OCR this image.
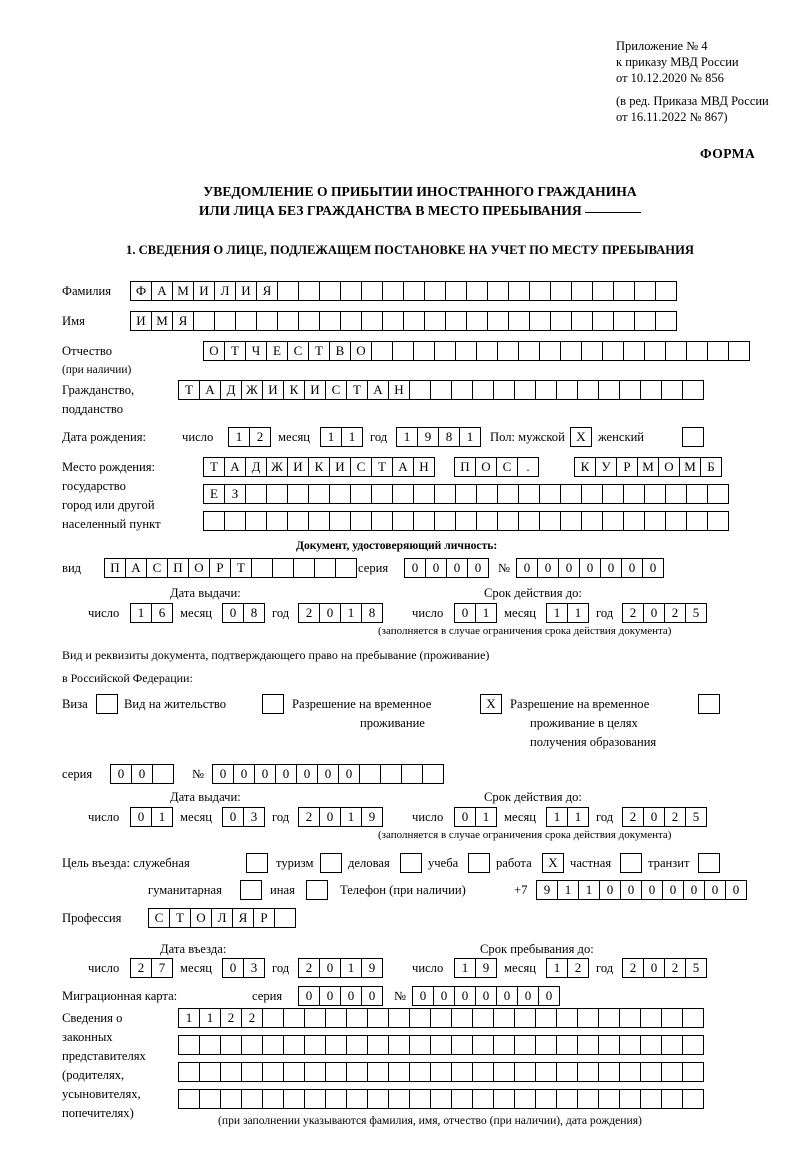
Приложение № 4
к приказу МВД России
от 10.12.2020 № 856
(в ред. Приказа МВД России
от 16.11.2022 № 867)
ФОРМА
УВЕДОМЛЕНИЕ О ПРИБЫТИИ ИНОСТРАННОГО ГРАЖДАНИНА
ИЛИ ЛИЦА БЕЗ ГРАЖДАНСТВА В МЕСТО ПРЕБЫВАНИЯ
1. СВЕДЕНИЯ О ЛИЦЕ, ПОДЛЕЖАЩЕМ ПОСТАНОВКЕ НА УЧЕТ ПО МЕСТУ ПРЕБЫВАНИЯ
Фамилия	Ф А М И Л И Я
Имя	И М Я
Отчество
(при наличии)
О Т Ч Е С Т В О
Гражданство,
подданство
Т А Д Ж И К И С Т А Н
Дата рождения:	число	1	2	месяц	1	1	год	1	9	8	1	Пол: мужской X женский
Место рождения:
государство
город или другой
населенный пункт
Т А Д Ж И К И С Т А Н	П О С	.	К У Р М О М Б
Е	З
Документ, удостоверяющий личность:
вид	П А С П О Р	Т	серия	0	0	0	0	№	0	0	0	0	0	0	0
Дата выдачи:	Срок действия до:
число	1	6	месяц	0	8	год	2	0	1	8	число	0	1	месяц	1	1	год	2	0	2	5
(заполняется в случае ограничения срока действия документа)
Вид и реквизиты документа, подтверждающего право на пребывание (проживание)
в Российской Федерации:
Виза	Вид на жительство	Разрешение на временное
проживание
X	Разрешение на временное
проживание в целях
получения образования
серия	0	0	№	0	0	0	0	0	0	0
Дата выдачи:	Срок действия до:
число	0	1	месяц	0	3	год	2	0	1	9	число	0	1	месяц	1	1	год	2	0	2	5
(заполняется в случае ограничения срока действия документа)
Цель въезда: служебная	туризм	деловая	учеба	работа	X частная	транзит
гуманитарная	иная	Телефон (при наличии)	+7	9	1	1	0	0	0	0	0	0	0
Профессия	С Т О Л Я	Р
Дата въезда:	Срок пребывания до:
число	2	7	месяц	0	3	год	2	0	1	9	число	1	9	месяц	1	2	год	2	0	2	5
Миграционная карта:	серия	0	0	0	0	№	0	0	0	0	0	0	0
Сведения о
законных
представителях
(родителях,
усыновителях,
попечителях)
1	1	2	2
(при заполнении указываются фамилия, имя, отчество (при наличии), дата рождения)
